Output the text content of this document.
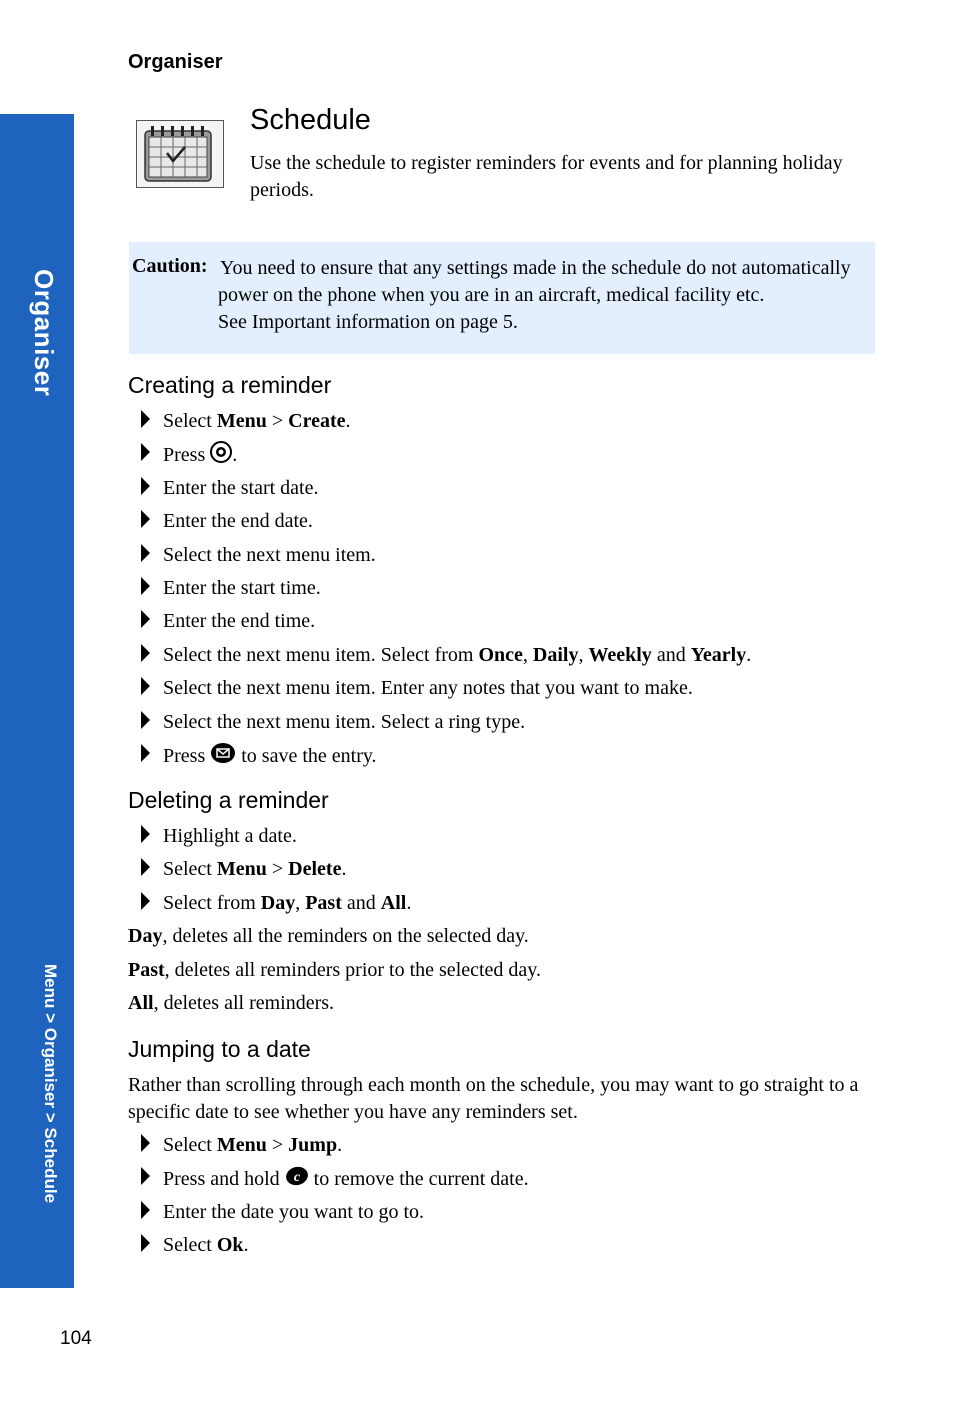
Organiser
Organiser
Menu > Organiser > Schedule
Schedule
Use the schedule to register reminders for events and for planning holiday periods.
Caution: You need to ensure that any settings made in the schedule do not automatically
power on the phone when you are in an aircraft, medical facility etc.
See Important information on page 5.
Creating a reminder
Select Menu > Create.
Press .
Enter the start date.
Enter the end date.
Select the next menu item.
Enter the start time.
Enter the end time.
Select the next menu item. Select from Once, Daily, Weekly and Yearly.
Select the next menu item. Enter any notes that you want to make.
Select the next menu item. Select a ring type.
Press  to save the entry.
Deleting a reminder
Highlight a date.
Select Menu > Delete.
Select from Day, Past and All.
Day, deletes all the reminders on the selected day.
Past, deletes all reminders prior to the selected day.
All, deletes all reminders.
Jumping to a date
Rather than scrolling through each month on the schedule, you may want to go straight to a specific date to see whether you have any reminders set.
Select Menu > Jump.
Press and hold c to remove the current date.
Enter the date you want to go to.
Select Ok.
104
